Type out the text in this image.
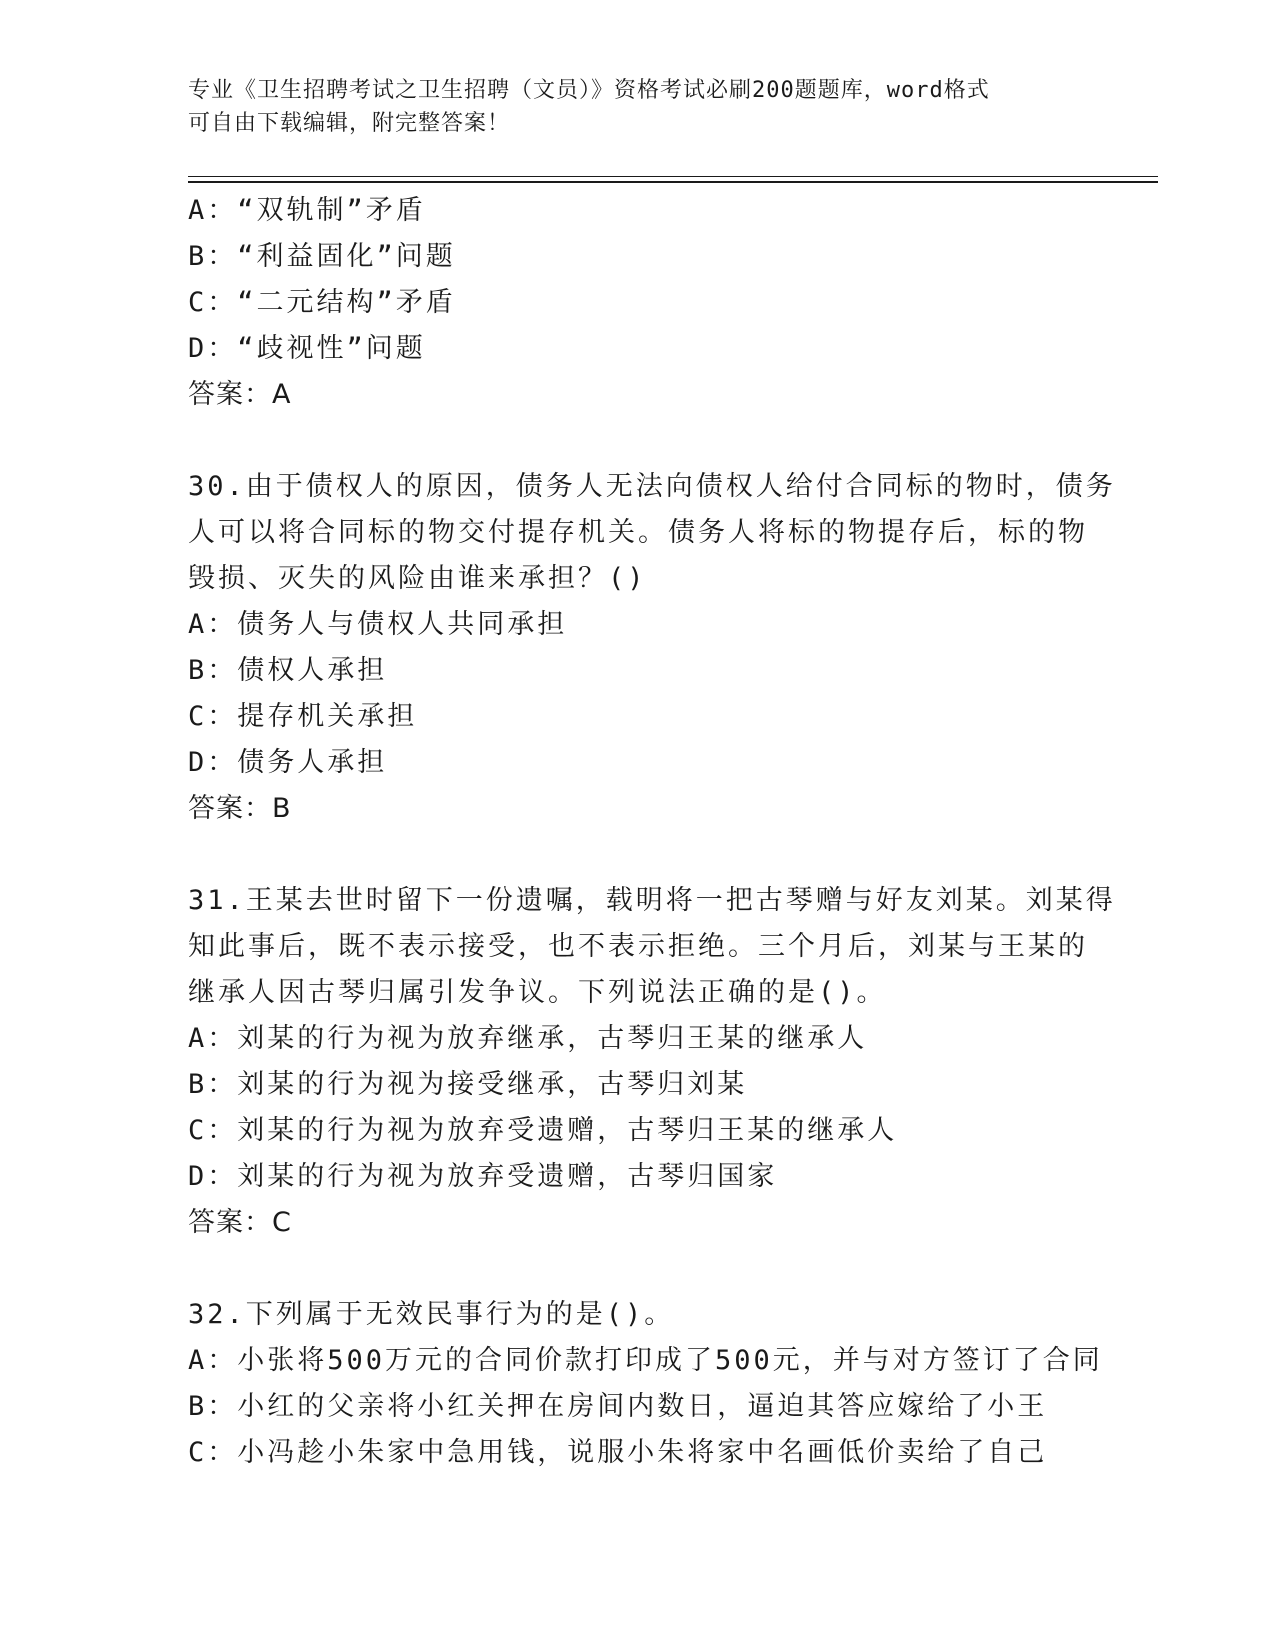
专业《卫生招聘考试之卫生招聘（文员）》资格考试必刷200题题库，word格式
可自由下载编辑，附完整答案！
A：“双轨制”矛盾
B：“利益固化”问题
C：“二元结构”矛盾
D：“歧视性”问题
答案：A
30.由于债权人的原因，债务人无法向债权人给付合同标的物时，债务
人可以将合同标的物交付提存机关。债务人将标的物提存后，标的物
毁损、灭失的风险由谁来承担？()
A：债务人与债权人共同承担
B：债权人承担
C：提存机关承担
D：债务人承担
答案：B
31.王某去世时留下一份遗嘱，载明将一把古琴赠与好友刘某。刘某得
知此事后，既不表示接受，也不表示拒绝。三个月后，刘某与王某的
继承人因古琴归属引发争议。下列说法正确的是()。
A：刘某的行为视为放弃继承，古琴归王某的继承人
B：刘某的行为视为接受继承，古琴归刘某
C：刘某的行为视为放弃受遗赠，古琴归王某的继承人
D：刘某的行为视为放弃受遗赠，古琴归国家
答案：C
32.下列属于无效民事行为的是()。
A：小张将500万元的合同价款打印成了500元，并与对方签订了合同
B：小红的父亲将小红关押在房间内数日，逼迫其答应嫁给了小王
C：小冯趁小朱家中急用钱，说服小朱将家中名画低价卖给了自己
